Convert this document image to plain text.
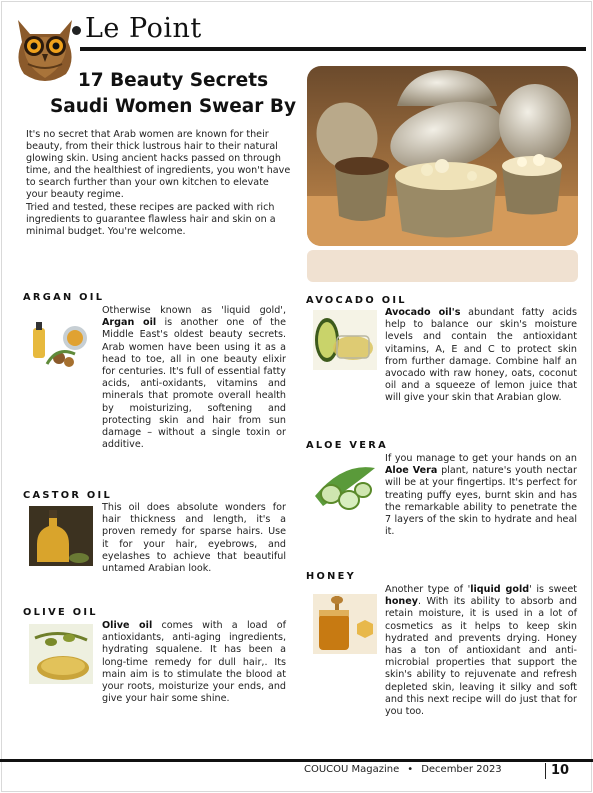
Le Point
17 Beauty Secrets
Saudi Women Swear By

It's no secret that Arab women are known for their beauty, from their thick lustrous hair to their natural glowing skin. Using ancient hacks passed on through time, and the healthiest of ingredients, you won't have to search further than your own kitchen to elevate your beauty regime.

Tried and tested, these recipes are packed with rich ingredients to guarantee flawless hair and skin on a minimal budget. You're welcome.

ARGAN OIL
Otherwise known as 'liquid gold', Argan oil is another one of the Middle East's oldest beauty secrets. Arab women have been using it as a head to toe, all in one beauty elixir for centuries. It's full of essential fatty acids, anti-oxidants, vitamins and minerals that promote overall health by moisturizing, softening and protecting skin and hair from sun damage – without a single toxin or additive.
CASTOR OIL
This oil does absolute wonders for hair thickness and length, it's a proven remedy for sparse hairs. Use it for your hair, eyebrows, and eyelashes to achieve that beautiful untamed Arabian look.
OLIVE OIL
Olive oil comes with a load of antioxidants, anti-aging ingredients, hydrating squalene. It has been a long-time remedy for dull hair,. Its main aim is to stimulate the blood at your roots, moisturize your ends, and give your hair some shine.
AVOCADO OIL
Avocado oil's abundant fatty acids help to balance our skin's moisture levels and contain the antioxidant vitamins, A, E and C to protect skin from further damage. Combine half an avocado with raw honey, oats, coconut oil and a squeeze of lemon juice that will give your skin that Arabian glow.
ALOE VERA
If you manage to get your hands on an Aloe Vera plant, nature's youth nectar will be at your fingertips. It's perfect for treating puffy eyes, burnt skin and has the remarkable ability to penetrate the 7 layers of the skin to hydrate and heal it.
HONEY
Another type of 'liquid gold' is sweet honey. With its ability to absorb and retain moisture, it is used in a lot of cosmetics as it helps to keep skin hydrated and prevents drying. Honey has a ton of antioxidant and anti-microbial properties that support the skin's ability to rejuvenate and refresh depleted skin, leaving it silky and soft and this next recipe will do just that for you too.
COUCOU Magazine • December 2023	10
